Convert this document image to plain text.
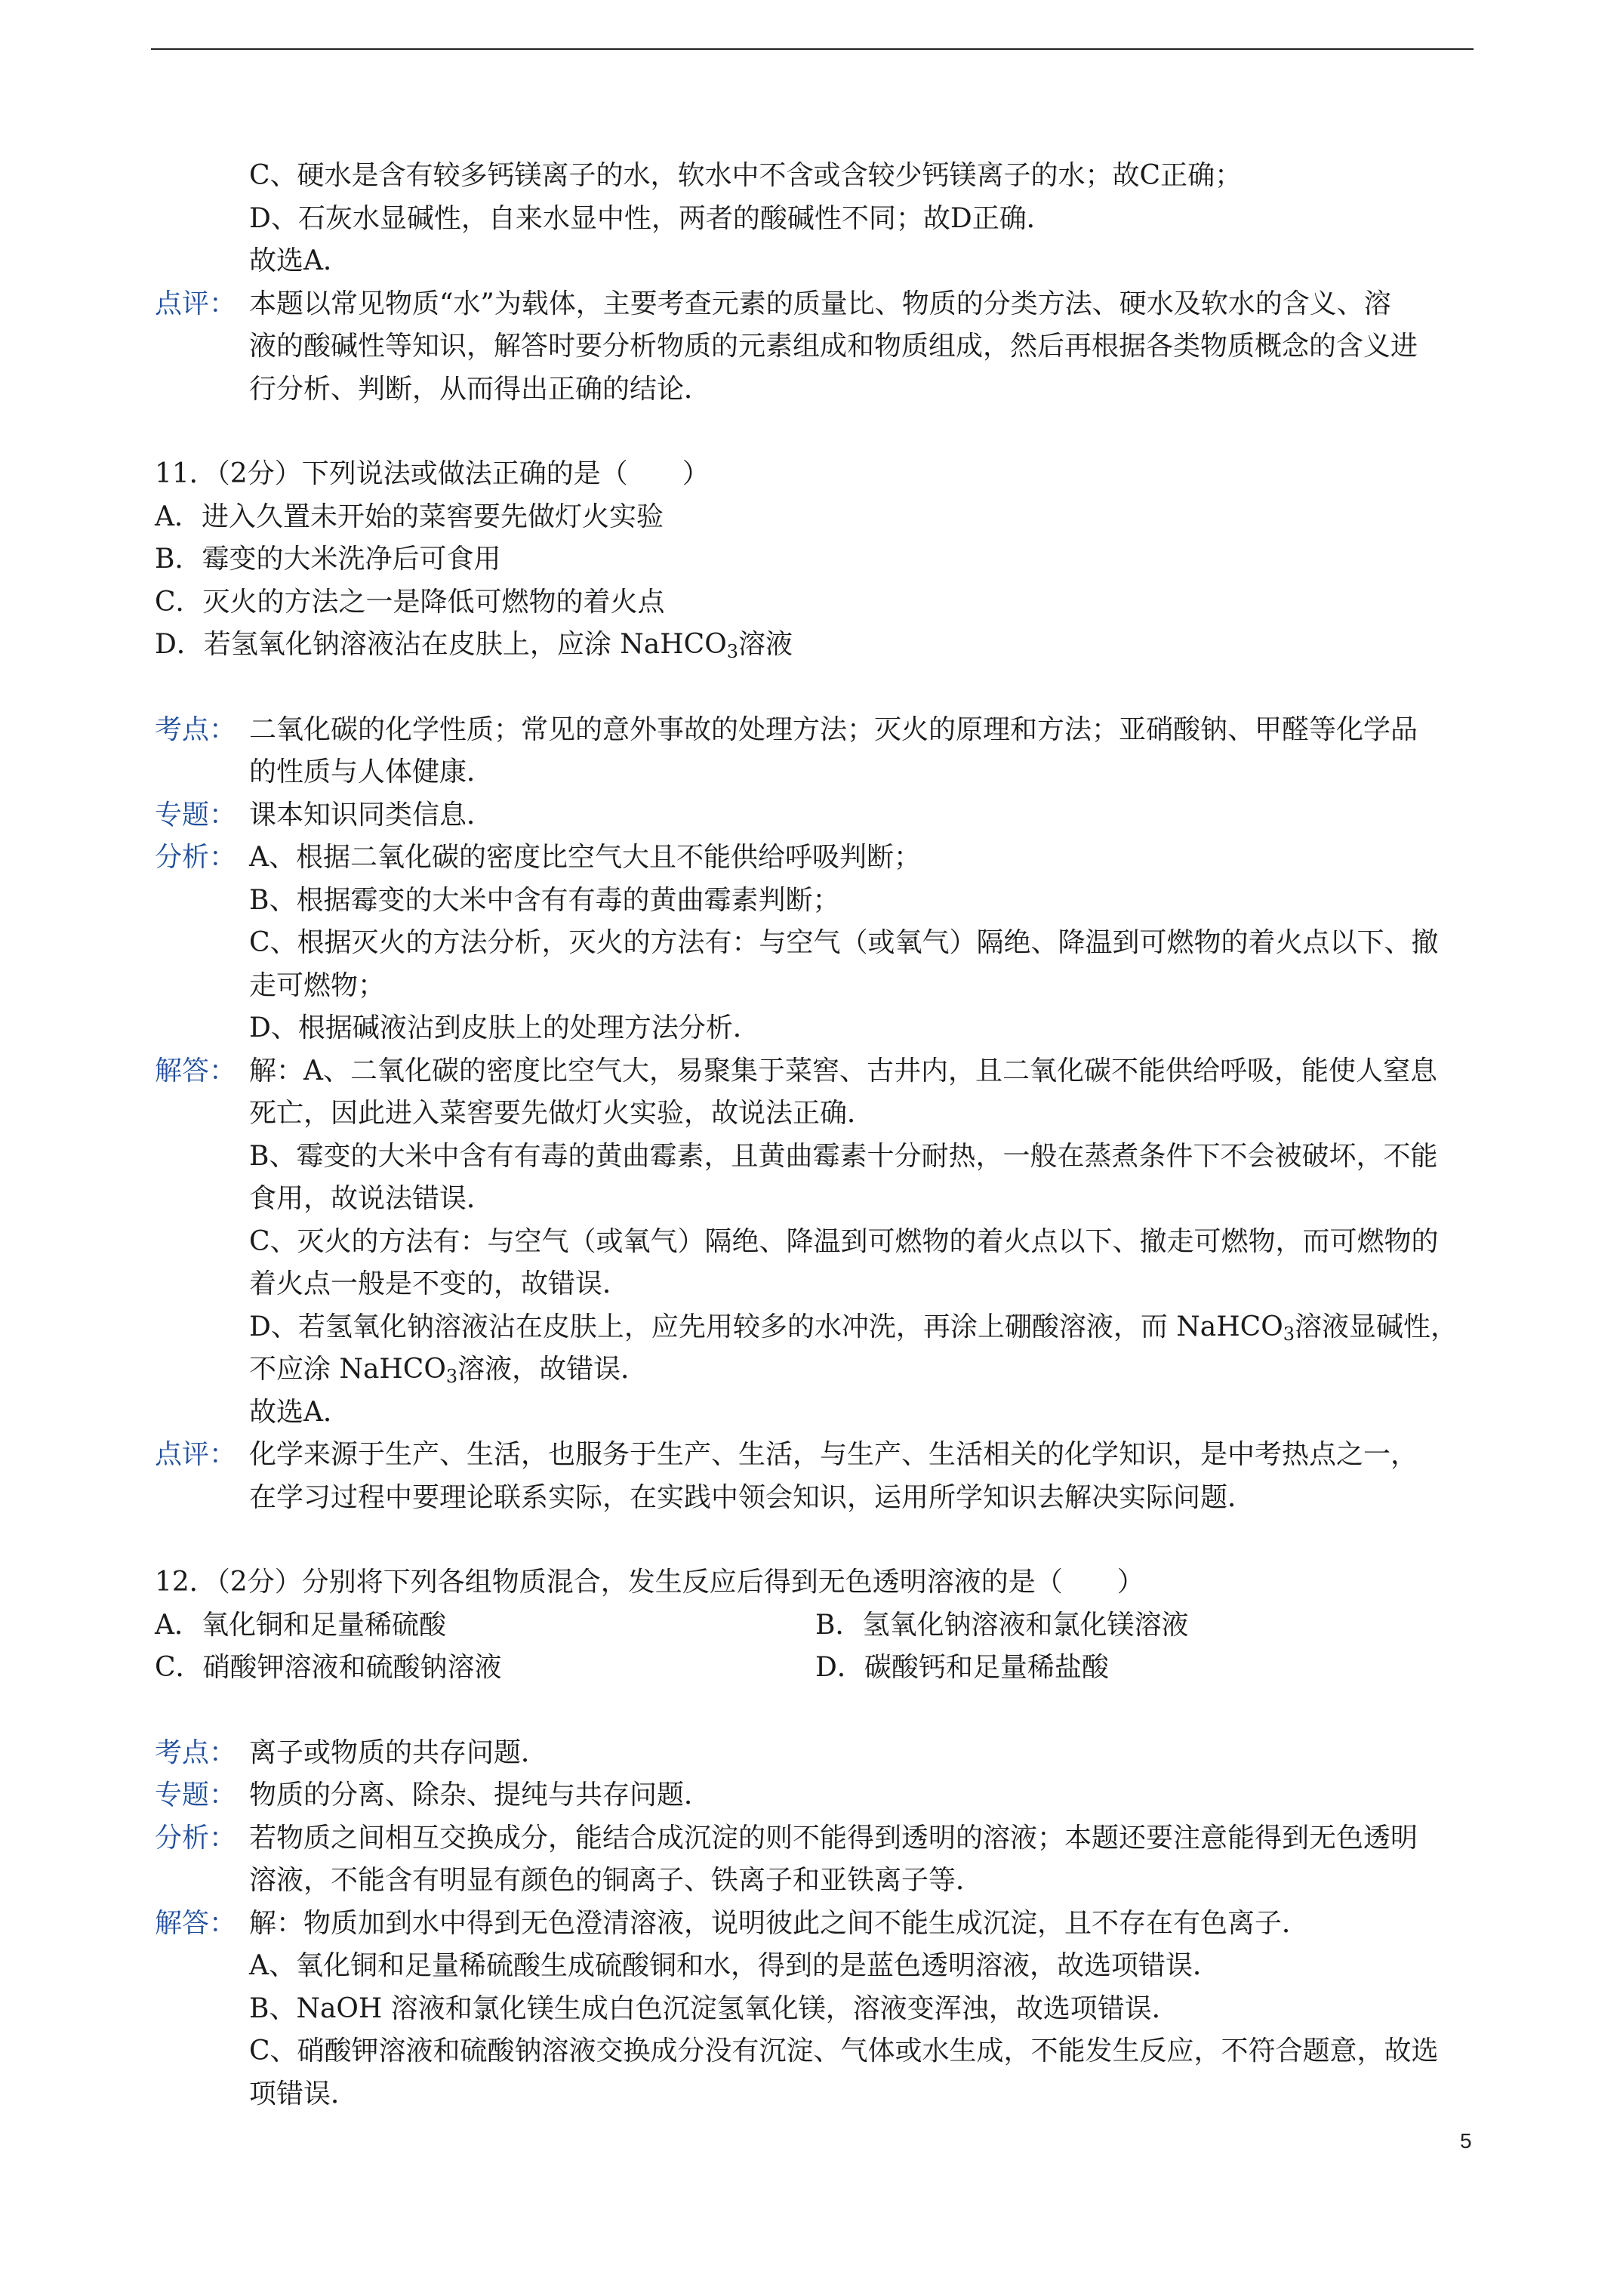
C、硬水是含有较多钙镁离子的水，软水中不含或含较少钙镁离子的水；故C正确；
D、石灰水显碱性，自来水显中性，两者的酸碱性不同；故D正确．
故选A．
点评： 本题以常见物质“水”为载体，主要考查元素的质量比、物质的分类方法、硬水及软水的含义、溶
液的酸碱性等知识，解答时要分析物质的元素组成和物质组成，然后再根据各类物质概念的含义进
行分析、判断，从而得出正确的结论．
11．（2分）下列说法或做法正确的是（　　）
A．进入久置未开始的菜窖要先做灯火实验
B．霉变的大米洗净后可食用
C．灭火的方法之一是降低可燃物的着火点
D．若氢氧化钠溶液沾在皮肤上，应涂 NaHCO$_3$溶液
考点： 二氧化碳的化学性质；常见的意外事故的处理方法；灭火的原理和方法；亚硝酸钠、甲醛等化学品
的性质与人体健康．
专题： 课本知识同类信息．
分析： A、根据二氧化碳的密度比空气大且不能供给呼吸判断；
B、根据霉变的大米中含有有毒的黄曲霉素判断；
C、根据灭火的方法分析，灭火的方法有：与空气（或氧气）隔绝、降温到可燃物的着火点以下、撤
走可燃物；
D、根据碱液沾到皮肤上的处理方法分析．
解答： 解：A、二氧化碳的密度比空气大，易聚集于菜窖、古井内，且二氧化碳不能供给呼吸，能使人窒息
死亡，因此进入菜窖要先做灯火实验，故说法正确．
B、霉变的大米中含有有毒的黄曲霉素，且黄曲霉素十分耐热，一般在蒸煮条件下不会被破坏，不能
食用，故说法错误．
C、灭火的方法有：与空气（或氧气）隔绝、降温到可燃物的着火点以下、撤走可燃物，而可燃物的
着火点一般是不变的，故错误．
D、若氢氧化钠溶液沾在皮肤上，应先用较多的水冲洗，再涂上硼酸溶液，而 NaHCO$_3$溶液显碱性，
不应涂 NaHCO$_3$溶液，故错误．
故选A．
点评： 化学来源于生产、生活，也服务于生产、生活，与生产、生活相关的化学知识，是中考热点之一，
在学习过程中要理论联系实际，在实践中领会知识，运用所学知识去解决实际问题．
12．（2分）分别将下列各组物质混合，发生反应后得到无色透明溶液的是（　　）
A．氧化铜和足量稀硫酸	B．氢氧化钠溶液和氯化镁溶液
C．硝酸钾溶液和硫酸钠溶液	D．碳酸钙和足量稀盐酸
考点： 离子或物质的共存问题．
专题： 物质的分离、除杂、提纯与共存问题．
分析： 若物质之间相互交换成分，能结合成沉淀的则不能得到透明的溶液；本题还要注意能得到无色透明
溶液，不能含有明显有颜色的铜离子、铁离子和亚铁离子等．
解答： 解：物质加到水中得到无色澄清溶液，说明彼此之间不能生成沉淀，且不存在有色离子．
A、氧化铜和足量稀硫酸生成硫酸铜和水，得到的是蓝色透明溶液，故选项错误．
B、NaOH 溶液和氯化镁生成白色沉淀氢氧化镁，溶液变浑浊，故选项错误．
C、硝酸钾溶液和硫酸钠溶液交换成分没有沉淀、气体或水生成，不能发生反应，不符合题意，故选
项错误．
5
